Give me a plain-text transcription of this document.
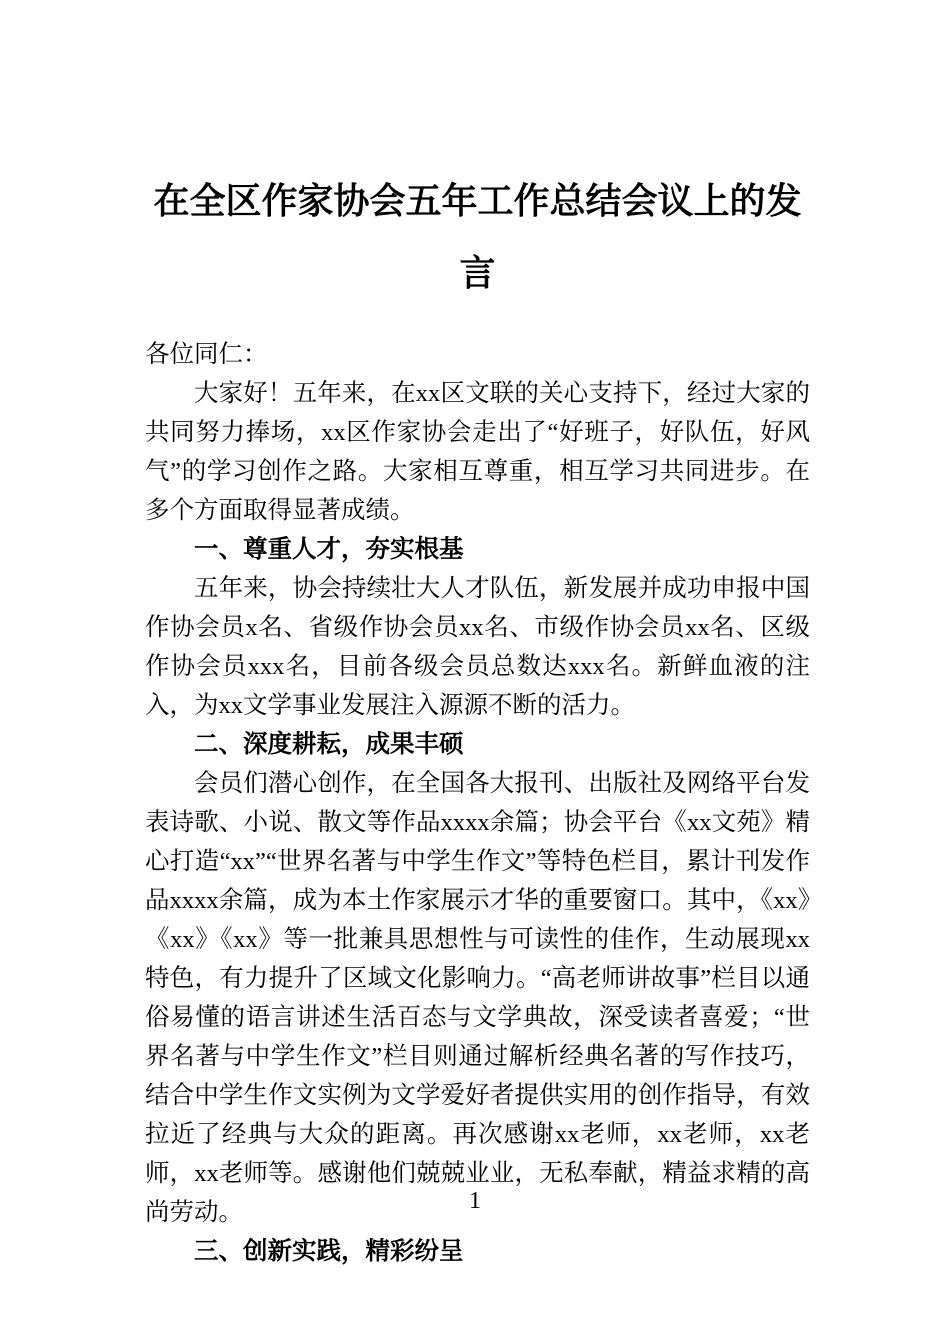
在全区作家协会五年工作总结会议上的发
言

各位同仁：

大家好！五年来，在xx区文联的关心支持下，经过大家的共同努力捧场，xx区作家协会走出了“好班子，好队伍，好风气”的学习创作之路。大家相互尊重，相互学习共同进步。在多个方面取得显著成绩。

一、尊重人才，夯实根基

五年来，协会持续壮大人才队伍，新发展并成功申报中国作协会员x名、省级作协会员xx名、市级作协会员xx名、区级作协会员xxx名，目前各级会员总数达xxx名。新鲜血液的注入，为xx文学事业发展注入源源不断的活力。

二、深度耕耘，成果丰硕

会员们潜心创作，在全国各大报刊、出版社及网络平台发表诗歌、小说、散文等作品xxxx余篇；协会平台《xx文苑》精心打造“xx”“世界名著与中学生作文”等特色栏目，累计刊发作品xxxx余篇，成为本土作家展示才华的重要窗口。其中，《xx》《xx》《xx》等一批兼具思想性与可读性的佳作，生动展现xx特色，有力提升了区域文化影响力。“高老师讲故事”栏目以通俗易懂的语言讲述生活百态与文学典故，深受读者喜爱；“世界名著与中学生作文”栏目则通过解析经典名著的写作技巧，结合中学生作文实例为文学爱好者提供实用的创作指导，有效拉近了经典与大众的距离。再次感谢xx老师，xx老师，xx老师，xx老师等。感谢他们兢兢业业，无私奉献，精益求精的高尚劳动。

三、创新实践，精彩纷呈

1
